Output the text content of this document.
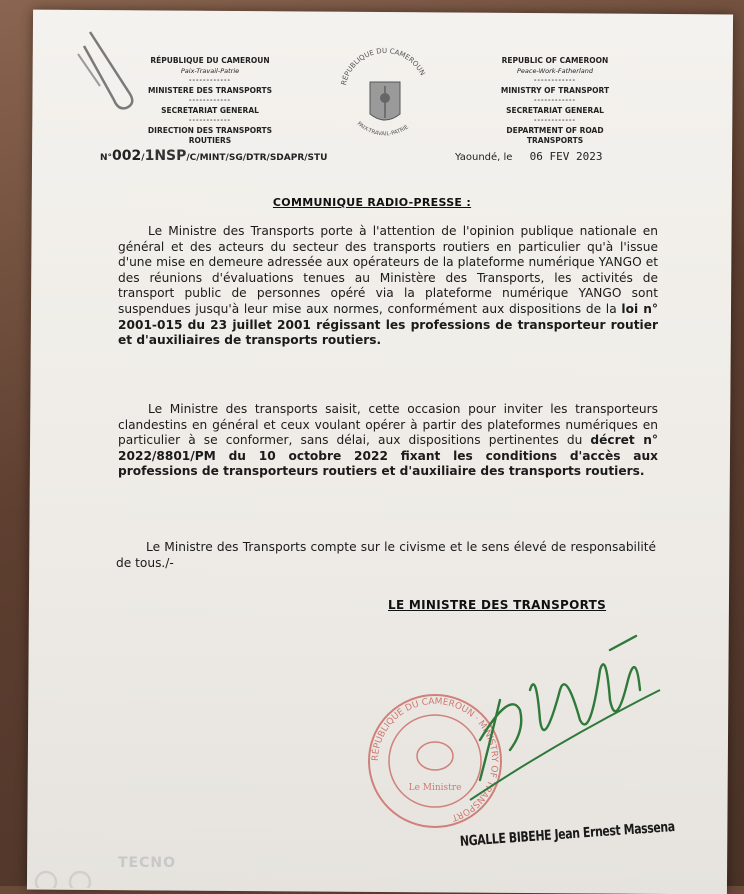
RÉPUBLIQUE DU CAMEROUN
Paix-Travail-Patrie
------------
MINISTERE DES TRANSPORTS
------------
SECRETARIAT GENERAL
------------
DIRECTION DES TRANSPORTS ROUTIERS
REPUBLIC OF CAMEROON
Peace-Work-Fatherland
------------
MINISTRY OF TRANSPORT
------------
SECRETARIAT GENERAL
------------
DEPARTMENT OF ROAD TRANSPORTS
RÉPUBLIQUE DU CAMEROUN
PAIX-TRAVAIL-PATRIE
N°002/1NSP/C/MINT/SG/DTR/SDAPR/STU	Yaoundé, le 06 FEV 2023
COMMUNIQUE RADIO-PRESSE :
Le Ministre des Transports porte à l'attention de l'opinion publique nationale en général et des acteurs du secteur des transports routiers en particulier qu'à l'issue d'une mise en demeure adressée aux opérateurs de la plateforme numérique YANGO et des réunions d'évaluations tenues au Ministère des Transports, les activités de transport public de personnes opéré via la plateforme numérique YANGO sont suspendues jusqu'à leur mise aux normes, conformément aux dispositions de la loi n° 2001-015 du 23 juillet 2001 régissant les professions de transporteur routier et d'auxiliaires de transports routiers.
Le Ministre des transports saisit, cette occasion pour inviter les transporteurs clandestins en général et ceux voulant opérer à partir des plateformes numériques en particulier à se conformer, sans délai, aux dispositions pertinentes du décret n° 2022/8801/PM du 10 octobre 2022 fixant les conditions d'accès aux professions de transporteurs routiers et d'auxiliaire des transports routiers.
Le Ministre des Transports compte sur le civisme et le sens élevé de responsabilité de tous./-
LE MINISTRE DES TRANSPORTS
RÉPUBLIQUE DU CAMEROUN · MINISTRY OF TRANSPORT
Le Ministre
NGALLE BIBEHE Jean Ernest Massena
TECNO
